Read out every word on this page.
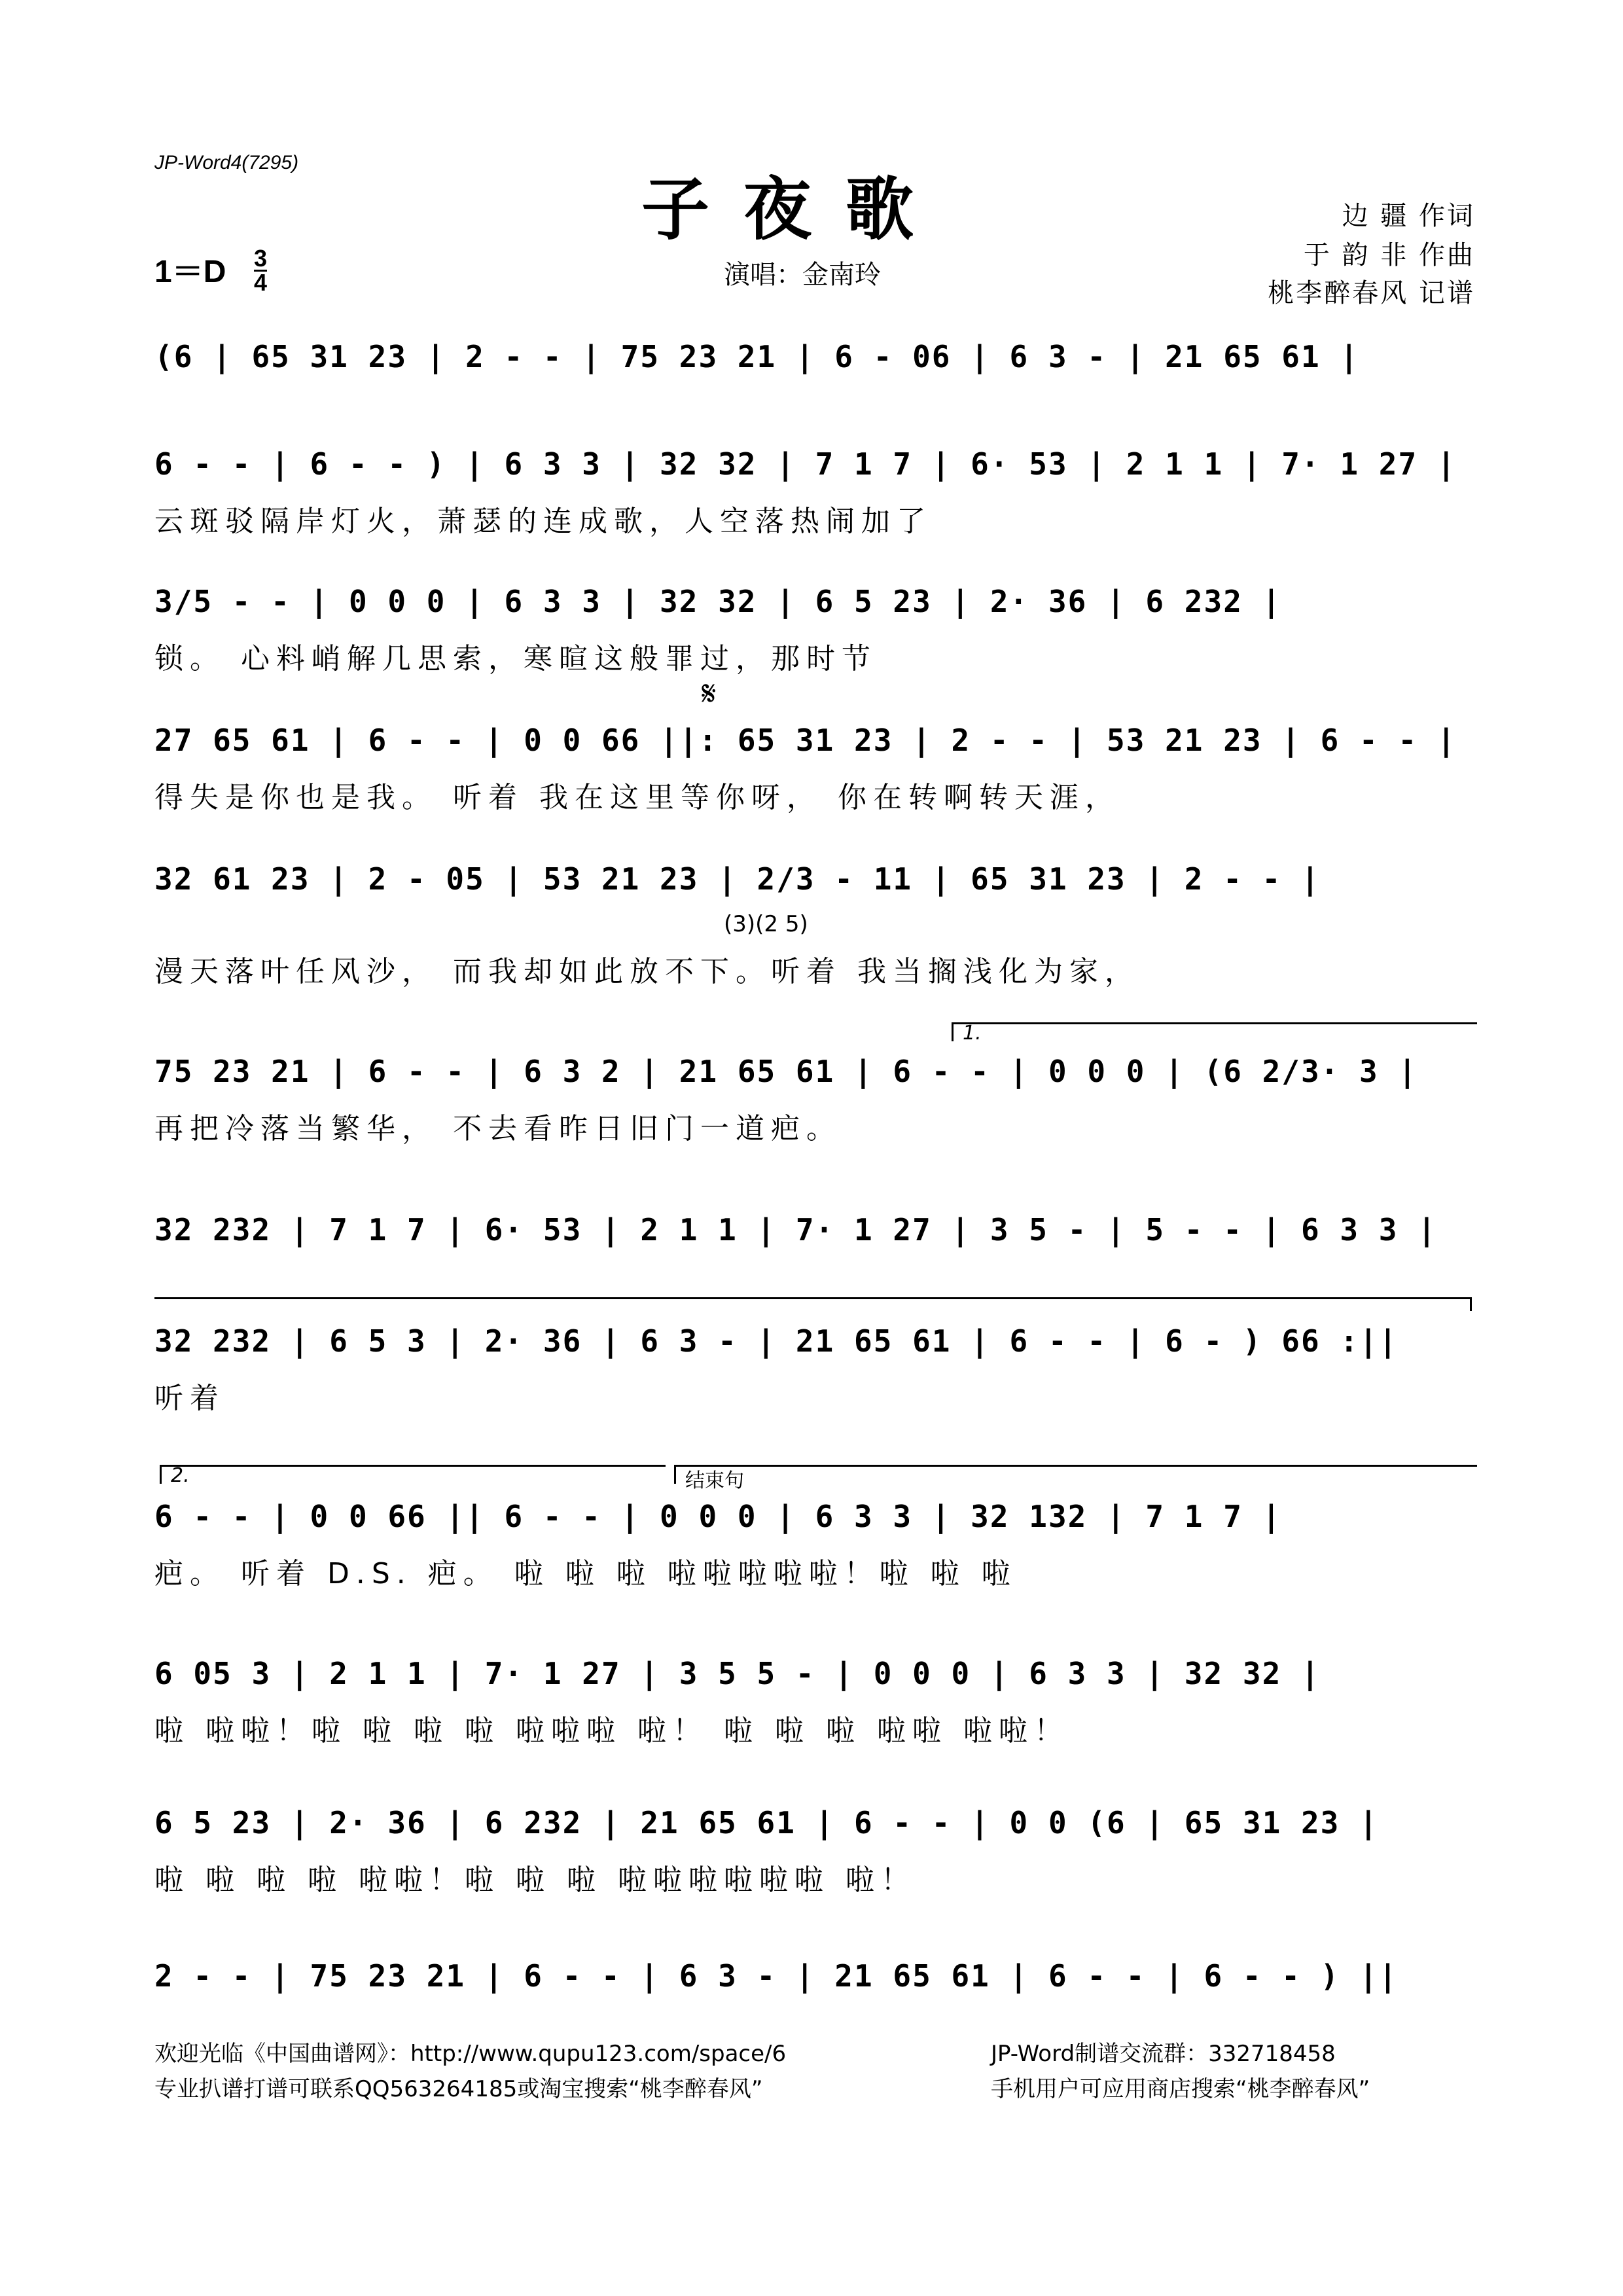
JP-Word4(7295)
子夜歌
演唱：金南玲
边 疆 作词
于 韵 非 作曲
桃李醉春风 记谱
1＝D 3
4
(6 | 65 31 23 | 2 - - | 75 23 21 | 6 - 06 | 6 3 - | 21 65 61 |
6 - - | 6 - - ) | 6 3 3 | 32 32 | 7 1 7 | 6· 53 | 2 1 1 | 7· 1 27 |
云斑驳隔岸灯火，萧瑟的连成歌，人空落热闹加了
3/5 - - | 0 0 0 | 6 3 3 | 32 32 | 6 5 23 | 2· 36 | 6 232 |
锁。 心料峭解几思索，寒暄这般罪过，那时节
𝄋
27 65 61 | 6 - - | 0 0 66 ||: 65 31 23 | 2 - - | 53 21 23 | 6 - - |
得失是你也是我。 听着 我在这里等你呀， 你在转啊转天涯，
32 61 23 | 2 - 05 | 53 21 23 | 2/3 - 11 | 65 31 23 | 2 - - |
(3)(2 5)
漫天落叶任风沙， 而我却如此放不下。听着 我当搁浅化为家，
1.
75 23 21 | 6 - - | 6 3 2 | 21 65 61 | 6 - - | 0 0 0 | (6 2/3· 3 |
再把冷落当繁华， 不去看昨日旧门一道疤。
32 232 | 7 1 7 | 6· 53 | 2 1 1 | 7· 1 27 | 3 5 - | 5 - - | 6 3 3 |
32 232 | 6 5 3 | 2· 36 | 6 3 - | 21 65 61 | 6 - - | 6 - ) 66 :||
听着
2.	结束句
6 - - | 0 0 66 || 6 - - | 0 0 0 | 6 3 3 | 32 132 | 7 1 7 |
疤。 听着 D.S. 疤。 啦 啦 啦 啦啦啦啦啦！啦 啦 啦
6 05 3 | 2 1 1 | 7· 1 27 | 3 5 5 - | 0 0 0 | 6 3 3 | 32 32 |
啦 啦啦！啦 啦 啦 啦 啦啦啦 啦！ 啦 啦 啦 啦啦 啦啦！
6 5 23 | 2· 36 | 6 232 | 21 65 61 | 6 - - | 0 0 (6 | 65 31 23 |
啦 啦 啦 啦 啦啦！啦 啦 啦 啦啦啦啦啦啦 啦！
2 - - | 75 23 21 | 6 - - | 6 3 - | 21 65 61 | 6 - - | 6 - - ) ||
欢迎光临《中国曲谱网》：http://www.qupu123.com/space/6	JP-Word制谱交流群：332718458
专业扒谱打谱可联系QQ563264185或淘宝搜索“桃李醉春风”	手机用户可应用商店搜索“桃李醉春风”
